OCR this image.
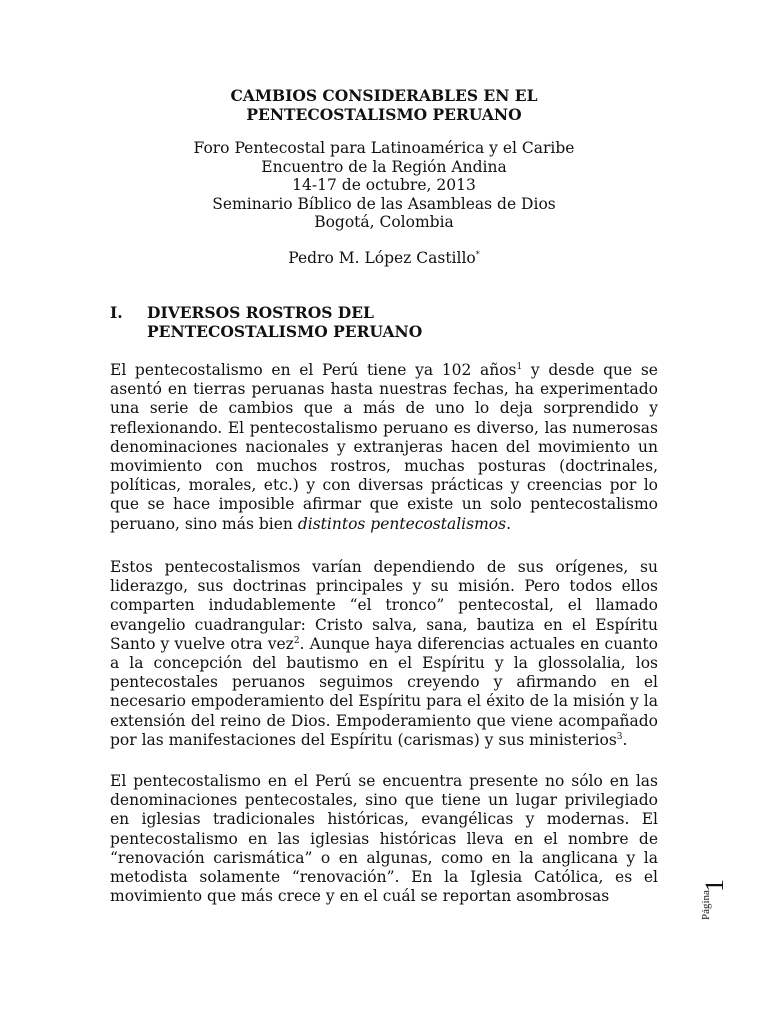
CAMBIOS CONSIDERABLES EN EL
PENTECOSTALISMO PERUANO
Foro Pentecostal para Latinoamérica y el Caribe
Encuentro de la Región Andina
14-17 de octubre, 2013
Seminario Bíblico de las Asambleas de Dios
Bogotá, Colombia
Pedro M. López Castillo*
I. DIVERSOS ROSTROS DEL
PENTECOSTALISMO PERUANO

El pentecostalismo en el Perú tiene ya 102 años$^1$ y desde que se asentó en tierras peruanas hasta nuestras fechas, ha experimentado una serie de cambios que a más de uno lo deja sorprendido y reflexionando. El pentecostalismo peruano es diverso, las numerosas denominaciones nacionales y extranjeras hacen del movimiento un movimiento con muchos rostros, muchas posturas (doctrinales, políticas, morales, etc.) y con diversas prácticas y creencias por lo que se hace imposible afirmar que existe un solo pentecostalismo peruano, sino más bien distintos pentecostalismos.

Estos pentecostalismos varían dependiendo de sus orígenes, su liderazgo, sus doctrinas principales y su misión. Pero todos ellos comparten indudablemente “el tronco” pentecostal, el llamado evangelio cuadrangular: Cristo salva, sana, bautiza en el Espíritu Santo y vuelve otra vez$^2$. Aunque haya diferencias actuales en cuanto a la concepción del bautismo en el Espíritu y la glossolalia, los pentecostales peruanos seguimos creyendo y afirmando en el necesario empoderamiento del Espíritu para el éxito de la misión y la extensión del reino de Dios. Empoderamiento que viene acompañado por las manifestaciones del Espíritu (carismas) y sus ministerios$^3$.

El pentecostalismo en el Perú se encuentra presente no sólo en las denominaciones pentecostales, sino que tiene un lugar privilegiado en iglesias tradicionales históricas, evangélicas y modernas. El pentecostalismo en las iglesias históricas lleva en el nombre de “renovación carismática” o en algunas, como en la anglicana y la metodista solamente “renovación”. En la Iglesia Católica, es el movimiento que más crece y en el cuál se reportan asombrosas	Página
1
